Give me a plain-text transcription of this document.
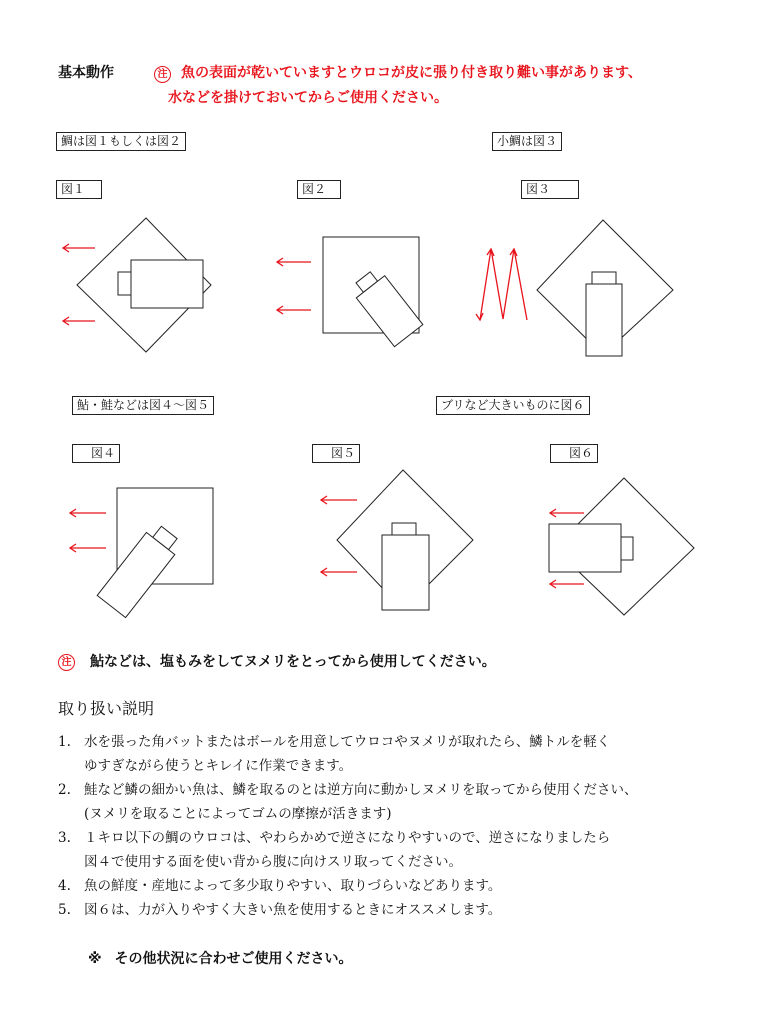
基本動作	注 魚の表面が乾いていますとウロコが皮に張り付き取り難い事があります、
水などを掛けておいてからご使用ください。
鯛は図１もしくは図２	小鯛は図３
図１	図２	図３
鮎・鮭などは図４～図５	ブリなど大きいものに図６
図４	図５	図６
注 鮎などは、塩もみをしてヌメリをとってから使用してください。
取り扱い説明
1. 水を張った角バットまたはボールを用意してウロコやヌメリが取れたら、鱗トルを軽く
ゆすぎながら使うとキレイに作業できます。
2. 鮭など鱗の細かい魚は、鱗を取るのとは逆方向に動かしヌメリを取ってから使用ください、
(ヌメリを取ることによってゴムの摩擦が活きます)
3. １キロ以下の鯛のウロコは、やわらかめで逆さになりやすいので、逆さになりましたら
図４で使用する面を使い背から腹に向けスリ取ってください。
4. 魚の鮮度・産地によって多少取りやすい、取りづらいなどあります。
5. 図６は、力が入りやすく大きい魚を使用するときにオススメします。
※ その他状況に合わせご使用ください。
